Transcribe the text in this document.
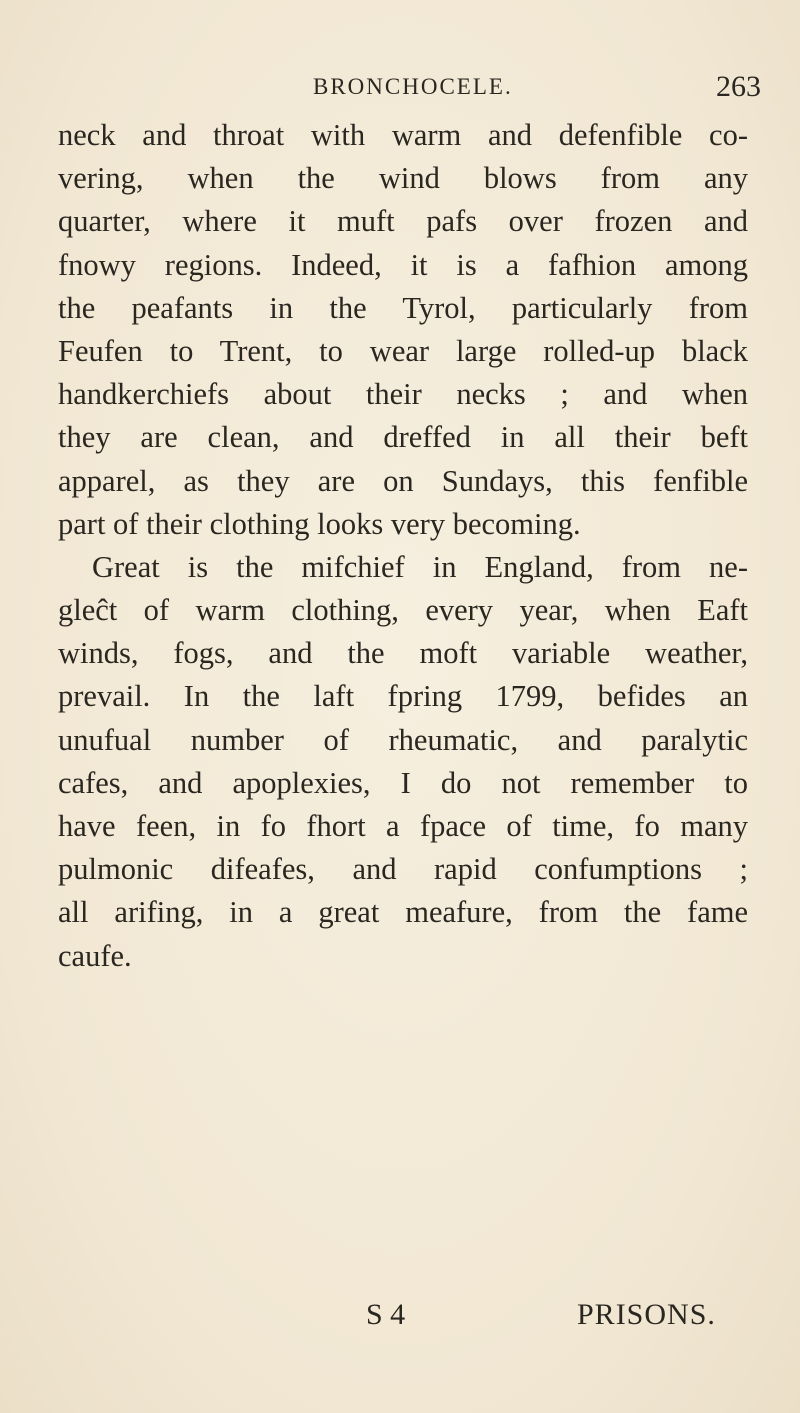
BRONCHOCELE.	263
neck and throat with warm and defenfible co-
vering, when the wind blows from any
quarter, where it muft pafs over frozen and
fnowy regions. Indeed, it is a fafhion among
the peafants in the Tyrol, particularly from
Feufen to Trent, to wear large rolled-up black
handkerchiefs about their necks ; and when
they are clean, and dreffed in all their beft
apparel, as they are on Sundays, this fenfible
part of their clothing looks very becoming.
Great is the mifchief in England, from ne-
gleĉt of warm clothing, every year, when Eaft
winds, fogs, and the moft variable weather,
prevail. In the laft fpring 1799, befides an
unufual number of rheumatic, and paralytic
cafes, and apoplexies, I do not remember to
have feen, in fo fhort a fpace of time, fo many
pulmonic difeafes, and rapid confumptions ;
all arifing, in a great meafure, from the fame
caufe.
S 4	PRISONS.
